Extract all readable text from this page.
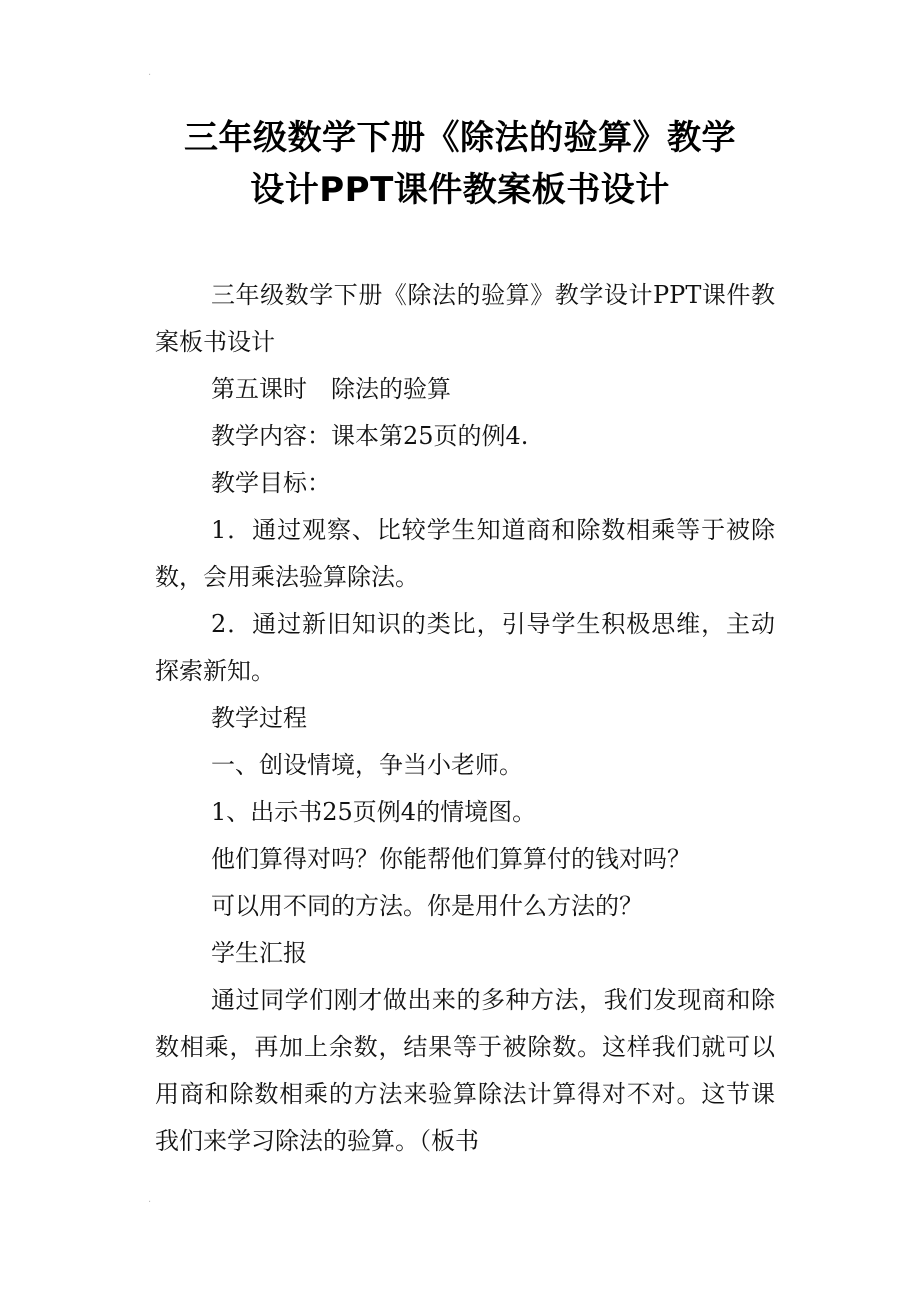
.
三年级数学下册《除法的验算》教学
设计PPT课件教案板书设计

三年级数学下册《除法的验算》教学设计PPT课件教案板书设计

第五课时　除法的验算

教学内容：课本第25页的例4.

教学目标：

1．通过观察、比较学生知道商和除数相乘等于被除数，会用乘法验算除法。

2．通过新旧知识的类比，引导学生积极思维，主动探索新知。

教学过程

一、创设情境，争当小老师。

1、出示书25页例4的情境图。

他们算得对吗？你能帮他们算算付的钱对吗？

可以用不同的方法。你是用什么方法的？

学生汇报

通过同学们刚才做出来的多种方法，我们发现商和除数相乘，再加上余数，结果等于被除数。这样我们就可以用商和除数相乘的方法来验算除法计算得对不对。这节课我们来学习除法的验算。（板书

.
